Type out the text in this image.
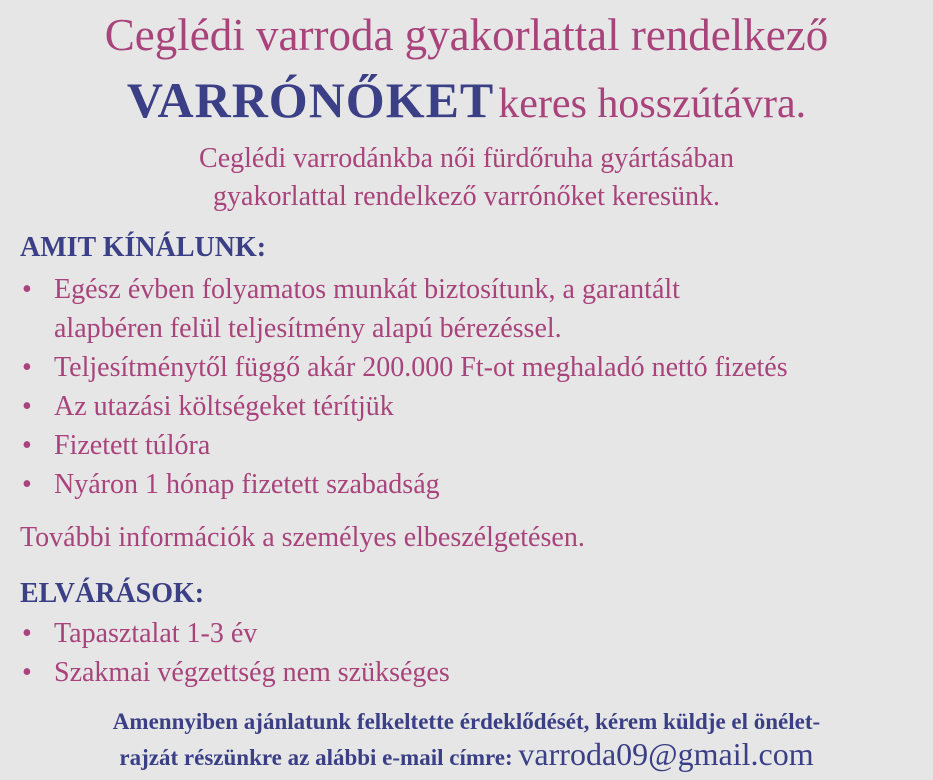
Ceglédi varroda gyakorlattal rendelkező
VARRÓNŐKET keres hosszútávra.
Ceglédi varrodánkba női fürdőruha gyártásában
gyakorlattal rendelkező varrónőket keresünk.
AMIT KÍNÁLUNK:
• Egész évben folyamatos munkát biztosítunk, a garantált
alapbéren felül teljesítmény alapú bérezéssel.
• Teljesítménytől függő akár 200.000 Ft-ot meghaladó nettó fizetés
• Az utazási költségeket térítjük
• Fizetett túlóra
• Nyáron 1 hónap fizetett szabadság
További információk a személyes elbeszélgetésen.
ELVÁRÁSOK:
• Tapasztalat 1-3 év
• Szakmai végzettség nem szükséges
Amennyiben ajánlatunk felkeltette érdeklődését, kérem küldje el önélet-
rajzát részünkre az alábbi e-mail címre: varroda09@gmail.com
